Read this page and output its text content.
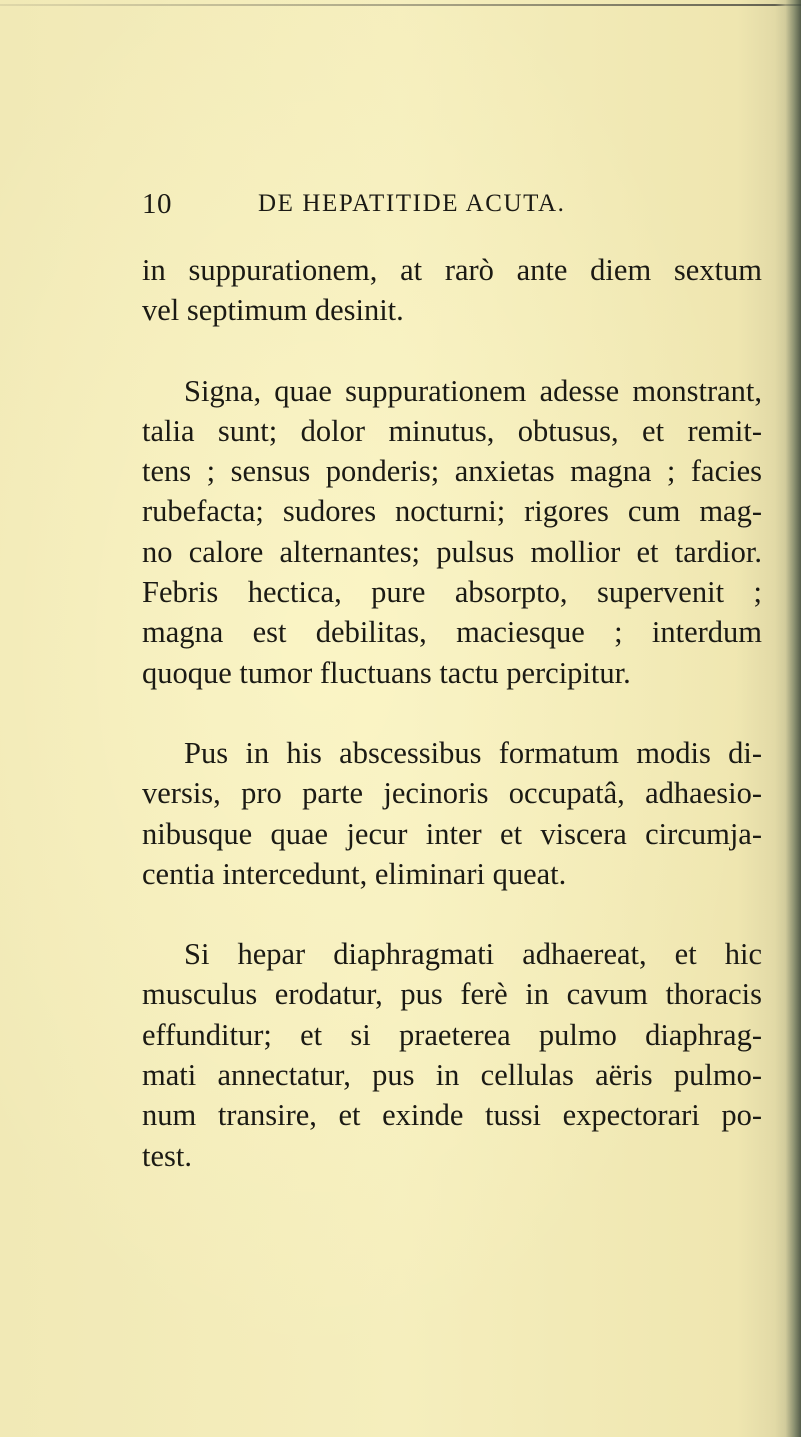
10	DE HEPATITIDE ACUTA.

in suppurationem, at rarò ante diem sextum
vel septimum desinit.

Signa, quae suppurationem adesse monstrant,
talia sunt; dolor minutus, obtusus, et remit-
tens ; sensus ponderis; anxietas magna ; facies
rubefacta; sudores nocturni; rigores cum mag-
no calore alternantes; pulsus mollior et tardior.
Febris hectica, pure absorpto, supervenit ;
magna est debilitas, maciesque ; interdum
quoque tumor fluctuans tactu percipitur.

Pus in his abscessibus formatum modis di-
versis, pro parte jecinoris occupatâ, adhaesio-
nibusque quae jecur inter et viscera circumja-
centia intercedunt, eliminari queat.

Si hepar diaphragmati adhaereat, et hic
musculus erodatur, pus ferè in cavum thoracis
effunditur; et si praeterea pulmo diaphrag-
mati annectatur, pus in cellulas aëris pulmo-
num transire, et exinde tussi expectorari po-
test.
